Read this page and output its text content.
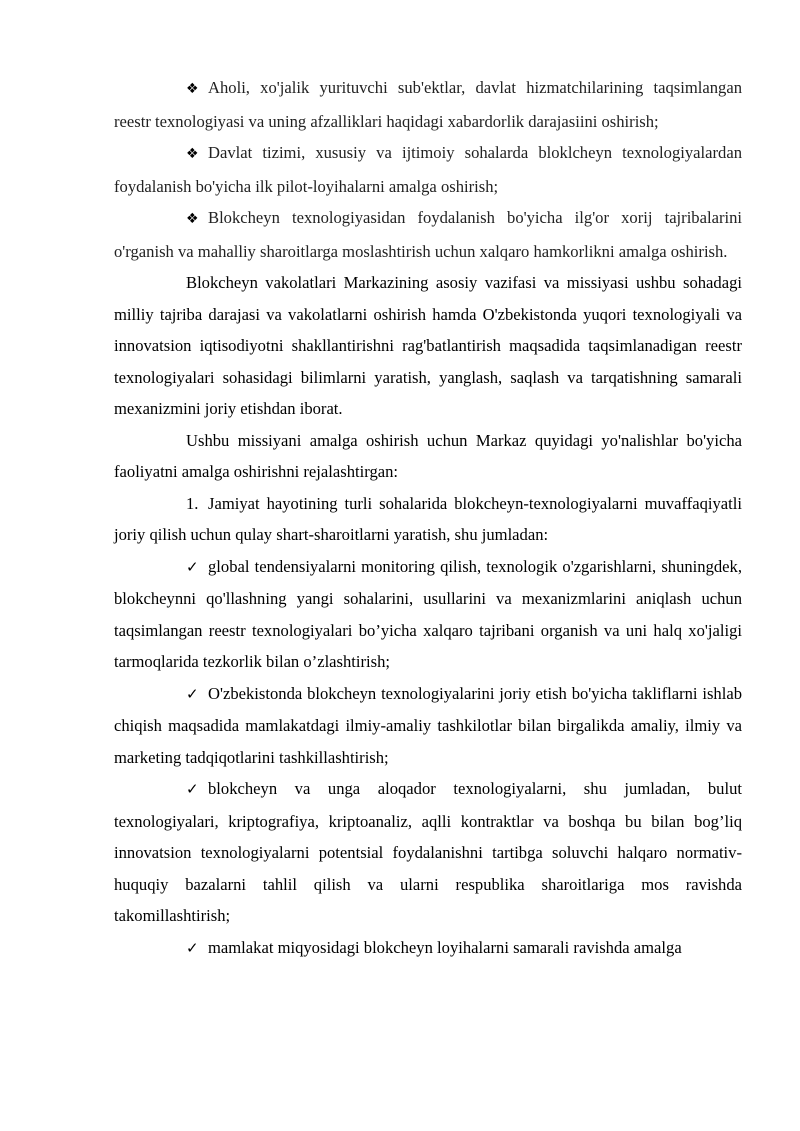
❖ Aholi, xo'jalik yurituvchi sub'ektlar, davlat hizmatchilarining taqsimlangan reestr texnologiyasi va uning afzalliklari haqidagi xabardorlik darajasiini oshirish;

❖ Davlat tizimi, xususiy va ijtimoiy sohalarda bloklcheyn texnologiyalardan foydalanish bo'yicha ilk pilot-loyihalarni amalga oshirish;

❖ Blokcheyn texnologiyasidan foydalanish bo'yicha ilg'or xorij tajribalarini o'rganish va mahalliy sharoitlarga moslashtirish uchun xalqaro hamkorlikni amalga oshirish.

Blokcheyn vakolatlari Markazining asosiy vazifasi va missiyasi ushbu sohadagi milliy tajriba darajasi va vakolatlarni oshirish hamda O'zbekistonda yuqori texnologiyali va innovatsion iqtisodiyotni shakllantirishni rag'batlantirish maqsadida taqsimlanadigan reestr texnologiyalari sohasidagi bilimlarni yaratish, yanglash, saqlash va tarqatishning samarali mexanizmini joriy etishdan iborat.

Ushbu missiyani amalga oshirish uchun Markaz quyidagi yo'nalishlar bo'yicha faoliyatni amalga oshirishni rejalashtirgan:

1. Jamiyat hayotining turli sohalarida blokcheyn-texnologiyalarni muvaffaqiyatli joriy qilish uchun qulay shart-sharoitlarni yaratish, shu jumladan:

✓ global tendensiyalarni monitoring qilish, texnologik o'zgarishlarni, shuningdek, blokcheynni qo'llashning yangi sohalarini, usullarini va mexanizmlarini aniqlash uchun taqsimlangan reestr texnologiyalari bo’yicha xalqaro tajribani organish va uni halq xo'jaligi tarmoqlarida tezkorlik bilan o’zlashtirish;

✓ O'zbekistonda blokcheyn texnologiyalarini joriy etish bo'yicha takliflarni ishlab chiqish maqsadida mamlakatdagi ilmiy-amaliy tashkilotlar bilan birgalikda amaliy, ilmiy va marketing tadqiqotlarini tashkillashtirish;

✓ blokcheyn va unga aloqador texnologiyalarni, shu jumladan, bulut texnologiyalari, kriptografiya, kriptoanaliz, aqlli kontraktlar va boshqa bu bilan bog’liq innovatsion texnologiyalarni potentsial foydalanishni tartibga soluvchi halqaro normativ-huquqiy bazalarni tahlil qilish va ularni respublika sharoitlariga mos ravishda takomillashtirish;

✓ mamlakat miqyosidagi blokcheyn loyihalarni samarali ravishda amalga
